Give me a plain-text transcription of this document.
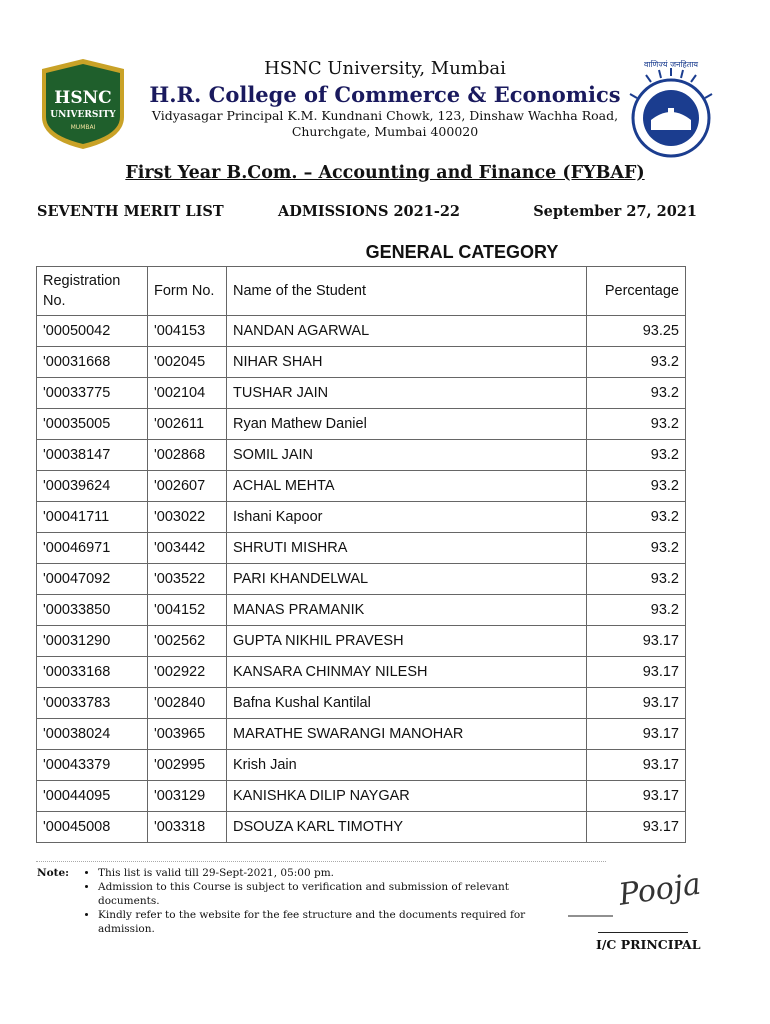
HSNC
UNIVERSITY
MUMBAI
वाणिज्यं जनहिताय
HSNC University, Mumbai
H.R. College of Commerce & Economics
Vidyasagar Principal K.M. Kundnani Chowk, 123, Dinshaw Wachha Road, Churchgate, Mumbai 400020
First Year B.Com. – Accounting and Finance (FYBAF)
SEVENTH MERIT LIST	ADMISSIONS 2021-22	September 27, 2021
GENERAL CATEGORY
Registration No.	Form No.	Name of the Student	Percentage
'00050042	'004153	NANDAN AGARWAL	93.25
'00031668	'002045	NIHAR SHAH	93.2
'00033775	'002104	TUSHAR JAIN	93.2
'00035005	'002611	Ryan Mathew Daniel	93.2
'00038147	'002868	SOMIL JAIN	93.2
'00039624	'002607	ACHAL MEHTA	93.2
'00041711	'003022	Ishani Kapoor	93.2
'00046971	'003442	SHRUTI MISHRA	93.2
'00047092	'003522	PARI KHANDELWAL	93.2
'00033850	'004152	MANAS PRAMANIK	93.2
'00031290	'002562	GUPTA NIKHIL PRAVESH	93.17
'00033168	'002922	KANSARA CHINMAY NILESH	93.17
'00033783	'002840	Bafna Kushal Kantilal	93.17
'00038024	'003965	MARATHE SWARANGI MANOHAR	93.17
'00043379	'002995	Krish Jain	93.17
'00044095	'003129	KANISHKA DILIP NAYGAR	93.17
'00045008	'003318	DSOUZA KARL TIMOTHY	93.17
Note:	• This list is valid till 29-Sept-2021, 05:00 pm.
• Admission to this Course is subject to verification and submission of relevant documents.
• Kindly refer to the website for the fee structure and the documents required for admission.
Pooja
I/C PRINCIPAL
